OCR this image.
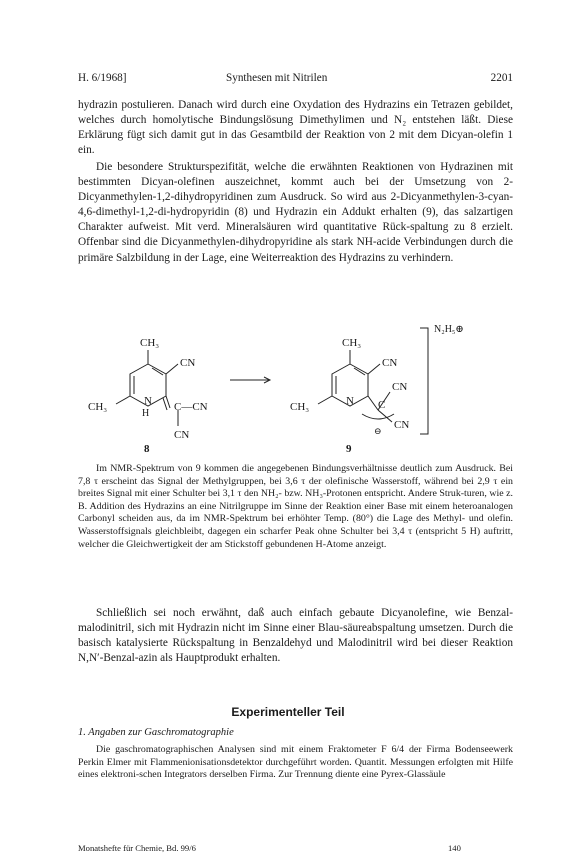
H. 6/1968]	Synthesen mit Nitrilen	2201

hydrazin postulieren. Danach wird durch eine Oxydation des Hydrazins ein Tetrazen gebildet, welches durch homolytische Bindungslösung Dimethylimen und N₂ entstehen läßt. Diese Erklärung fügt sich damit gut in das Gesamtbild der Reaktion von 2 mit dem Dicyan-olefin 1 ein.

Die besondere Strukturspezifität, welche die erwähnten Reaktionen von Hydrazinen mit bestimmten Dicyan-olefinen auszeichnet, kommt auch bei der Umsetzung von 2-Dicyanmethylen-1,2-dihydropyridinen zum Ausdruck. So wird aus 2-Dicyanmethylen-3-cyan-4,6-dimethyl-1,2-di-hydropyridin (8) und Hydrazin ein Addukt erhalten (9), das salzartigen Charakter aufweist. Mit verd. Mineralsäuren wird quantitative Rück-spaltung zu 8 erzielt. Offenbar sind die Dicyanmethylen-dihydropyridine als stark NH-acide Verbindungen durch die primäre Salzbildung in der Lage, eine Weiterreaktion des Hydrazins zu verhindern.

CH₃
CN
CH₃	N
H
C—CN
CN
8
CH₃
CN
CH₃	N C
CN
CN
⊖
N₂H₅⊕
9

Im NMR-Spektrum von 9 kommen die angegebenen Bindungsverhältnisse deutlich zum Ausdruck. Bei 7,8 τ erscheint das Signal der Methylgruppen, bei 3,6 τ der olefinische Wasserstoff, während bei 2,9 τ ein breites Signal mit einer Schulter bei 3,1 τ den NH₂- bzw. NH₃-Protonen entspricht. Andere Struk-turen, wie z. B. Addition des Hydrazins an eine Nitrilgruppe im Sinne der Reaktion einer Base mit einem heteroanalogen Carbonyl scheiden aus, da im NMR-Spektrum bei erhöhter Temp. (80°) die Lage des Methyl- und olefin. Wasserstoffsignals gleichbleibt, dagegen ein scharfer Peak ohne Schulter bei 3,4 τ (entspricht 5 H) auftritt, welcher die Gleichwertigkeit der am Stickstoff gebundenen H-Atome anzeigt.

Schließlich sei noch erwähnt, daß auch einfach gebaute Dicyanolefine, wie Benzal-malodinitril, sich mit Hydrazin nicht im Sinne einer Blau-säureabspaltung umsetzen. Durch die basisch katalysierte Rückspaltung in Benzaldehyd und Malodinitril wird bei dieser Reaktion N,N′-Benzal-azin als Hauptprodukt erhalten.

Experimenteller Teil
1. Angaben zur Gaschromatographie

Die gaschromatographischen Analysen sind mit einem Fraktometer F 6/4 der Firma Bodenseewerk Perkin Elmer mit Flammenionisationsdetektor durchgeführt worden. Quantit. Messungen erfolgten mit Hilfe eines elektroni-schen Integrators derselben Firma. Zur Trennung diente eine Pyrex-Glassäule

Monatshefte für Chemie, Bd. 99/6	140
